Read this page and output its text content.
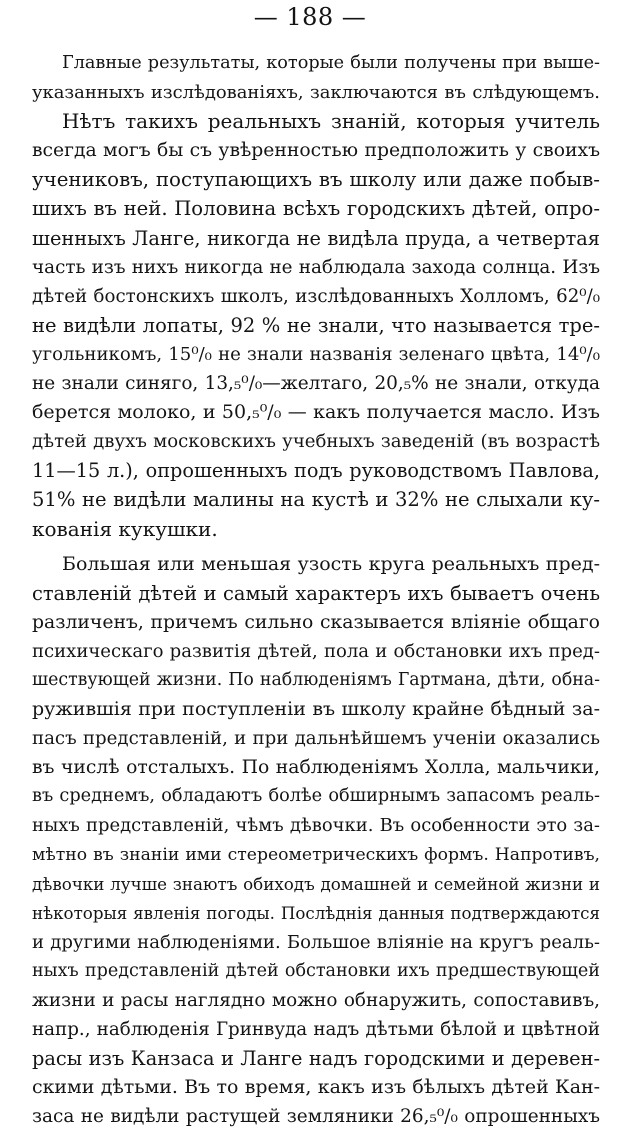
— 188 —
Главные результаты, которые были получены при выше-
указанныхъ изслѣдованіяхъ, заключаются въ слѣдующемъ.
Нѣтъ такихъ реальныхъ знаній, которыя учитель
всегда могъ бы съ увѣренностью предположить у своихъ
учениковъ, поступающихъ въ школу или даже побыв-
шихъ въ ней. Половина всѣхъ городскихъ дѣтей, опро-
шенныхъ Ланге, никогда не видѣла пруда, а четвертая
часть изъ нихъ никогда не наблюдала захода солнца. Изъ
дѣтей бостонскихъ школъ, изслѣдованныхъ Холломъ, 62⁰/₀
не видѣли лопаты, 92 % не знали, что называется тре-
угольникомъ, 15⁰/₀ не знали названія зеленаго цвѣта, 14⁰/₀
не знали синяго, 13,₅⁰/₀—желтаго, 20,₅% не знали, откуда
берется молоко, и 50,₅⁰/₀ — какъ получается масло. Изъ
дѣтей двухъ московскихъ учебныхъ заведеній (въ возрастѣ
11—15 л.), опрошенныхъ подъ руководствомъ Павлова,
51% не видѣли малины на кустѣ и 32% не слыхали ку-
кованія кукушки.
Большая или меньшая узость круга реальныхъ пред-
ставленій дѣтей и самый характеръ ихъ бываетъ очень
различенъ, причемъ сильно сказывается вліяніе общаго
психическаго развитія дѣтей, пола и обстановки ихъ пред-
шествующей жизни. По наблюденіямъ Гартмана, дѣти, обна-
ружившія при поступленіи въ школу крайне бѣдный за-
пасъ представленій, и при дальнѣйшемъ ученіи оказались
въ числѣ отсталыхъ. По наблюденіямъ Холла, мальчики,
въ среднемъ, обладаютъ болѣе обширнымъ запасомъ реаль-
ныхъ представленій, чѣмъ дѣвочки. Въ особенности это за-
мѣтно въ знаніи ими стереометрическихъ формъ. Напротивъ,
дѣвочки лучше знаютъ обиходъ домашней и семейной жизни и
нѣкоторыя явленія погоды. Послѣднія данныя подтверждаются
и другими наблюденіями. Большое вліяніе на кругъ реаль-
ныхъ представленій дѣтей обстановки ихъ предшествующей
жизни и расы наглядно можно обнаружить, сопоставивъ,
напр., наблюденія Гринвуда надъ дѣтьми бѣлой и цвѣтной
расы изъ Канзаса и Ланге надъ городскими и деревен-
скими дѣтьми. Въ то время, какъ изъ бѣлыхъ дѣтей Кан-
заса не видѣли растущей земляники 26,₅⁰/₀ опрошенныхъ
